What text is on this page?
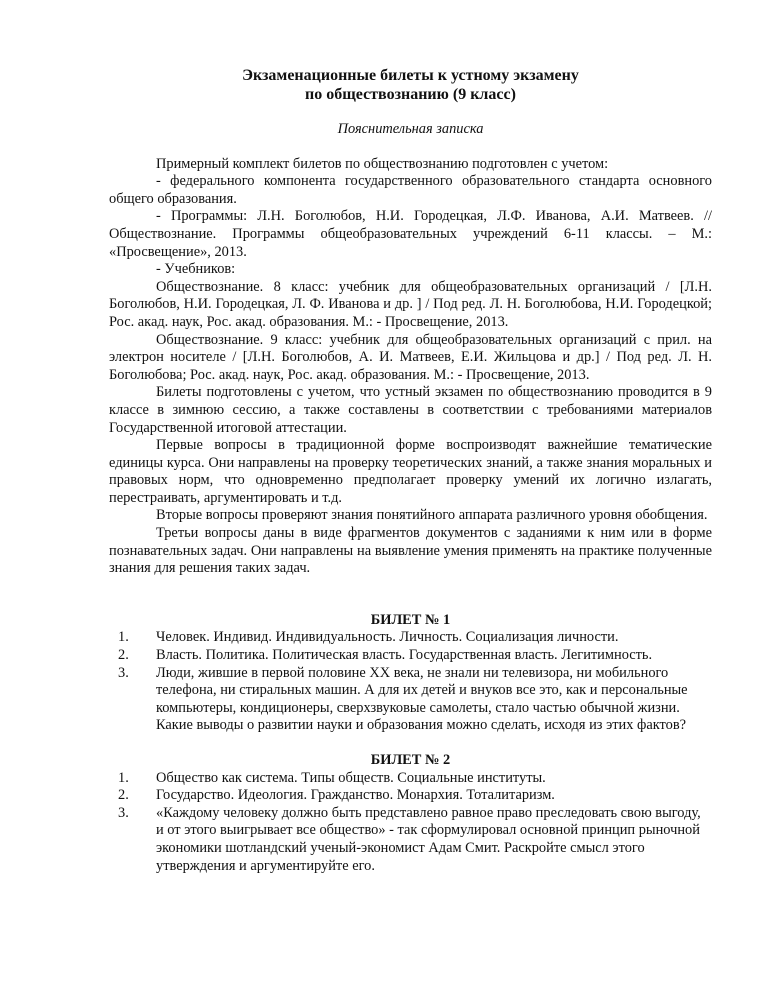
Экзаменационные билеты к устному экзамену

по обществознанию (9 класс)

Пояснительная записка

Примерный комплект билетов по обществознанию подготовлен с учетом:

- федерального компонента государственного образовательного стандарта основного общего образования.

- Программы: Л.Н. Боголюбов, Н.И. Городецкая, Л.Ф. Иванова, А.И. Матвеев. // Обществознание. Программы общеобразовательных учреждений 6-11 классы. – М.: «Просвещение», 2013.

- Учебников:

Обществознание. 8 класс: учебник для общеобразовательных организаций / [Л.Н. Боголюбов, Н.И. Городецкая, Л. Ф. Иванова и др. ] / Под ред. Л. Н. Боголюбова, Н.И. Городецкой; Рос. акад. наук, Рос. акад. образования. М.: - Просвещение, 2013.

Обществознание. 9 класс: учебник для общеобразовательных организаций с прил. на электрон носителе / [Л.Н. Боголюбов, А. И. Матвеев, Е.И. Жильцова и др.] / Под ред. Л. Н. Боголюбова; Рос. акад. наук, Рос. акад. образования. М.: - Просвещение, 2013.

Билеты подготовлены с учетом, что устный экзамен по обществознанию проводится в 9 классе в зимнюю сессию, а также составлены в соответствии с требованиями материалов Государственной итоговой аттестации.

Первые вопросы в традиционной форме воспроизводят важнейшие тематические единицы курса. Они направлены на проверку теоретических знаний, а также знания моральных и правовых норм, что одновременно предполагает проверку умений их логично излагать, перестраивать, аргументировать и т.д.

Вторые вопросы проверяют знания понятийного аппарата различного уровня обобщения.

Третьи вопросы даны в виде фрагментов документов с заданиями к ним или в форме познавательных задач. Они направлены на выявление умения применять на практике полученные знания для решения таких задач.

БИЛЕТ № 1

1. Человек. Индивид. Индивидуальность. Личность. Социализация личности.
2. Власть. Политика. Политическая власть. Государственная власть. Легитимность.
3. Люди, жившие в первой половине XX века, не знали ни телевизора, ни мобильного телефона, ни стиральных машин. А для их детей и внуков все это, как и персональные компьютеры, кондиционеры, сверхзвуковые самолеты, стало частью обычной жизни. Какие выводы о развитии науки и образования можно сделать, исходя из этих фактов?

БИЛЕТ № 2

1. Общество как система. Типы обществ. Социальные институты.
2. Государство. Идеология. Гражданство. Монархия. Тоталитаризм.
3. «Каждому человеку должно быть представлено равное право преследовать свою выгоду, и от этого выигрывает все общество» - так сформулировал основной принцип рыночной экономики шотландский ученый-экономист Адам Смит. Раскройте смысл этого утверждения и аргументируйте его.
